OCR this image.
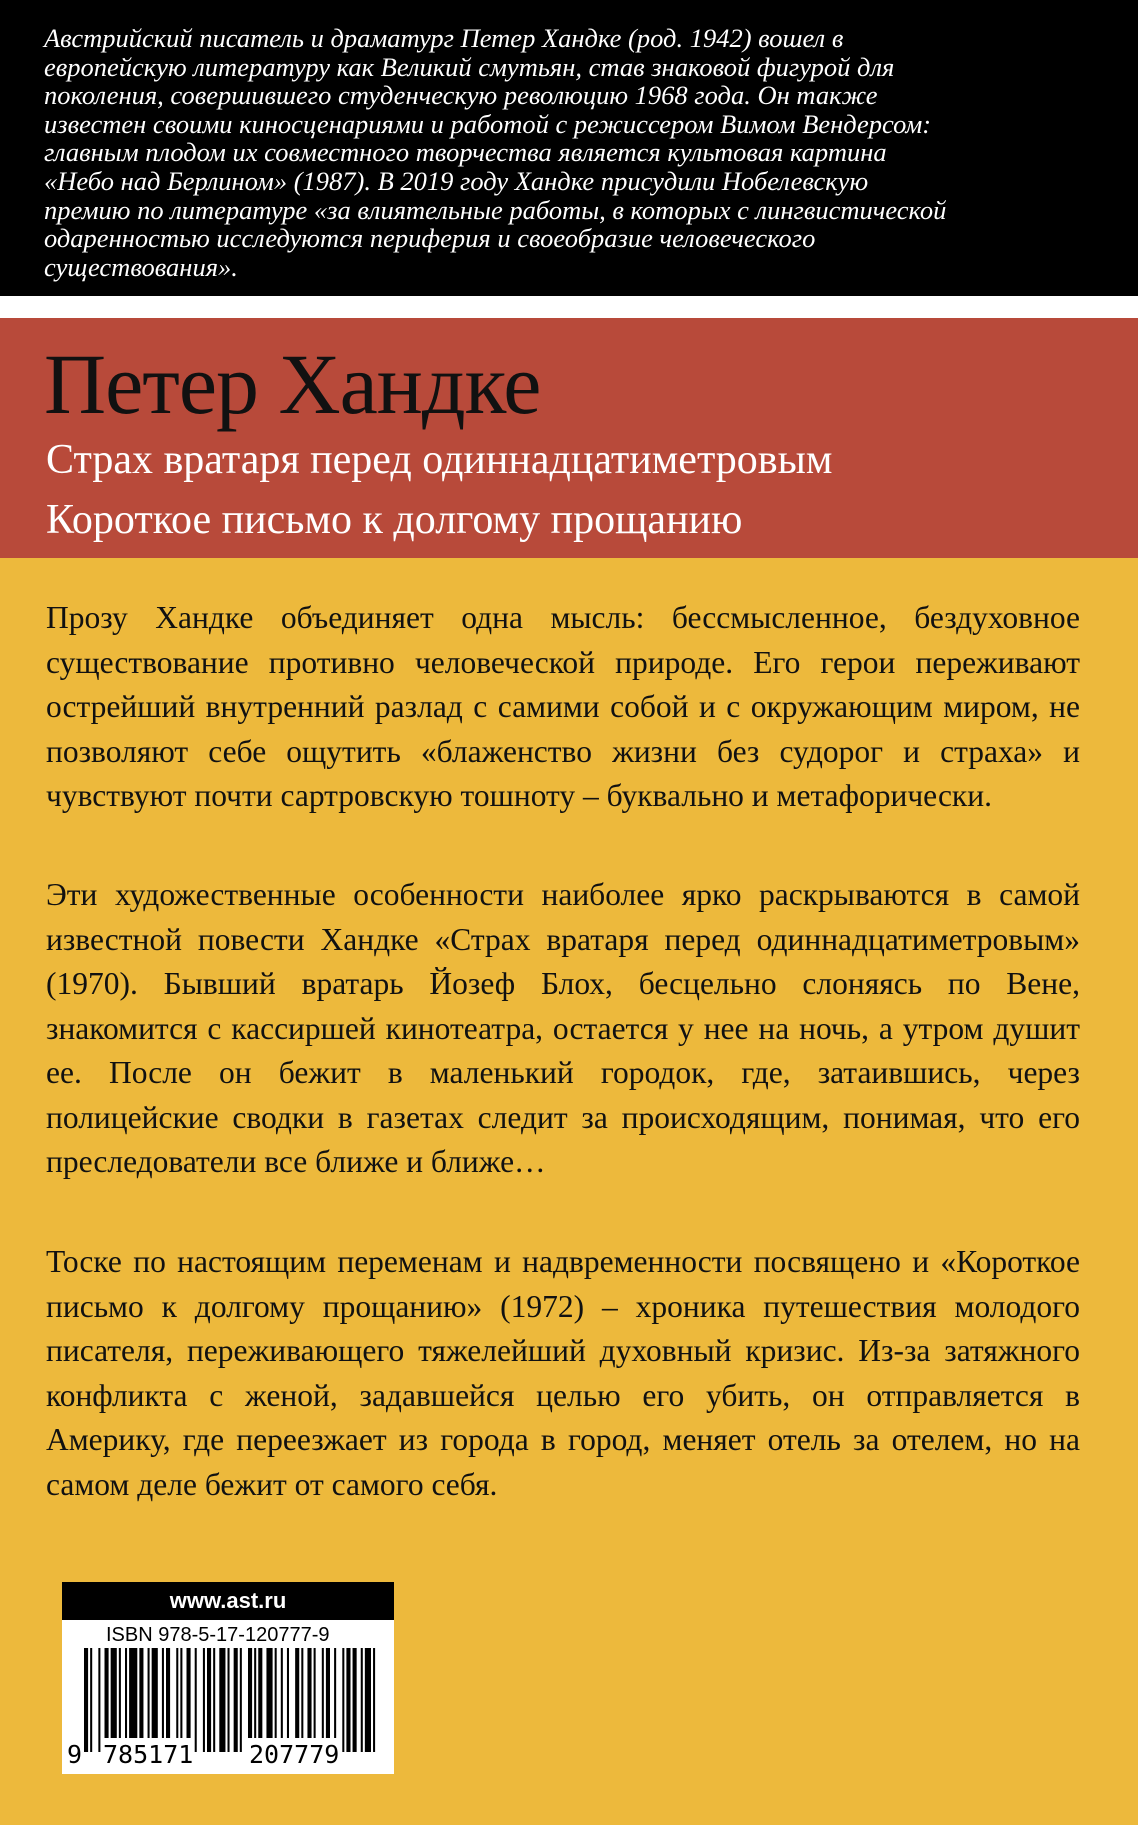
Австрийский писатель и драматург Петер Хандке (род. 1942) вошел в
европейскую литературу как Великий смутьян, став знаковой фигурой для
поколения, совершившего студенческую революцию 1968 года. Он также
известен своими киносценариями и работой с режиссером Вимом Вендерсом:
главным плодом их совместного творчества является культовая картина
«Небо над Берлином» (1987). В 2019 году Хандке присудили Нобелевскую
премию по литературе «за влиятельные работы, в которых с лингвистической
одаренностью исследуются периферия и своеобразие человеческого
существования».

Петер Хандке
Страх вратаря перед одиннадцатиметровым
Короткое письмо к долгому прощанию

Прозу Хандке объединяет одна мысль: бессмысленное, бездуховное существование противно человеческой природе. Его герои переживают острейший внутренний разлад с самими собой и с окружающим миром, не позволяют себе ощутить «блаженство жизни без судорог и страха» и чувствуют почти сартровскую тошноту – буквально и метафорически.

Эти художественные особенности наиболее ярко раскрываются в самой известной повести Хандке «Страх вратаря перед одиннадцатиметровым» (1970). Бывший вратарь Йозеф Блох, бесцельно слоняясь по Вене, знакомится с кассиршей кинотеатра, остается у нее на ночь, а утром душит ее. После он бежит в маленький городок, где, затаившись, через полицейские сводки в газетах следит за происходящим, понимая, что его преследователи все ближе и ближе…

Тоске по настоящим переменам и надвременности посвящено и «Короткое письмо к долгому прощанию» (1972) – хроника путешествия молодого писателя, переживающего тяжелейший духовный кризис. Из-за затяжного конфликта с женой, задавшейся целью его убить, он отправляется в Америку, где переезжает из города в город, меняет отель за отелем, но на самом деле бежит от самого себя.

www.ast.ru

ISBN 978-5-17-120777-9

9 785171 207779
